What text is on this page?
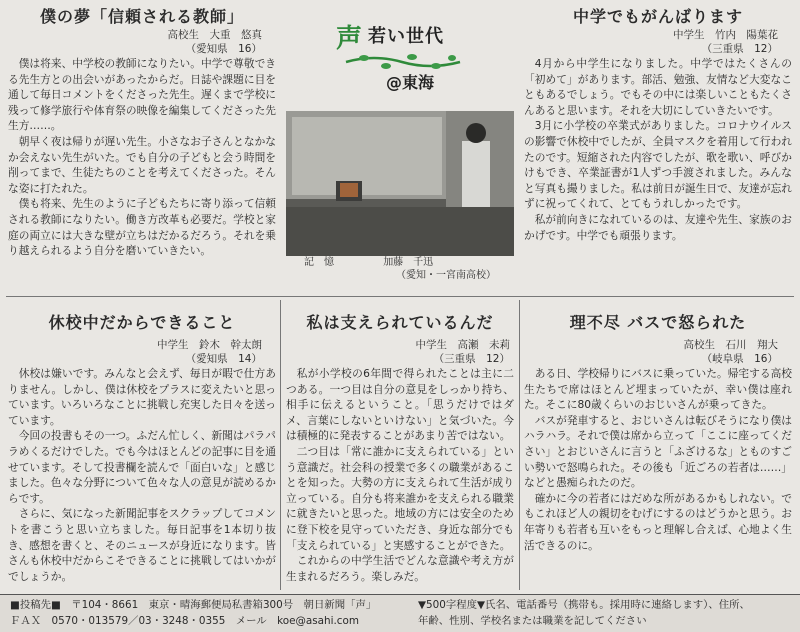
僕の夢「信頼される教師」
高校生　大重　悠真
（愛知県　16）

僕は将来、中学校の教師になりたい。中学で尊敬できる先生方との出会いがあったからだ。日誌や課題に目を通して毎日コメントをくださった先生。遅くまで学校に残って修学旅行や体育祭の映像を編集してくださった先生方……。

朝早く夜は帰りが遅い先生。小さなお子さんとなかなか会えない先生がいた。でも自分の子どもと会う時間を削ってまで、生徒たちのことを考えてくださった。そんな姿に打たれた。

僕も将来、先生のように子どもたちに寄り添って信頼される教師になりたい。働き方改革も必要だ。学校と家庭の両立には大きな壁が立ちはだかるだろう。それを乗り越えられるよう自分を磨いていきたい。

声 若い世代
@東海
記　憶	加藤　千迅
（愛知・一宮南高校）
中学でもがんばります
中学生　竹内　陽葉花
（三重県　12）

4月から中学生になりました。中学ではたくさんの「初めて」があります。部活、勉強、友情など大変なこともあるでしょう。でもその中には楽しいこともたくさんあると思います。それを大切にしていきたいです。

3月に小学校の卒業式がありました。コロナウイルスの影響で休校中でしたが、全員マスクを着用して行われたのです。短縮された内容でしたが、歌を歌い、呼びかけもでき、卒業証書が1人ずつ手渡されました。みんなと写真も撮りました。私は前日が誕生日で、友達が忘れずに祝ってくれて、とてもうれしかったです。

私が前向きになれているのは、友達や先生、家族のおかげです。中学でも頑張ります。

休校中だからできること
中学生　鈴木　幹太朗
（愛知県　14）

休校は嫌いです。みんなと会えず、毎日が暇で仕方ありません。しかし、僕は休校をプラスに変えたいと思っています。いろいろなことに挑戦し充実した日々を送っています。

今回の投書もその一つ。ふだん忙しく、新聞はパラパラめくるだけでした。でも今はほとんどの記事に目を通せています。そして投書欄を読んで「面白いな」と感じました。色々な分野について色々な人の意見が読めるからです。

さらに、気になった新聞記事をスクラップしてコメントを書こうと思い立ちました。毎日記事を1本切り抜き、感想を書くと、そのニュースが身近になります。皆さんも休校中だからこそできることに挑戦してはいかがでしょうか。

私は支えられているんだ
中学生　高瀬　未莉
（三重県　12）

私が小学校の6年間で得られたことは主に二つある。一つ目は自分の意見をしっかり持ち、相手に伝えるということ。「思うだけではダメ、言葉にしないといけない」と気づいた。今は積極的に発表することがあまり苦ではない。

二つ目は「常に誰かに支えられている」という意識だ。社会科の授業で多くの職業があることを知った。大勢の方に支えられて生活が成り立っている。自分も将来誰かを支えられる職業に就きたいと思った。地域の方には安全のために登下校を見守っていただき、身近な部分でも「支えられている」と実感することができた。

これからの中学生活でどんな意識や考え方が生まれるだろう。楽しみだ。

理不尽 バスで怒られた
高校生　石川　翔大
（岐阜県　16）

ある日、学校帰りにバスに乗っていた。帰宅する高校生たちで席はほとんど埋まっていたが、幸い僕は座れた。そこに80歳くらいのおじいさんが乗ってきた。

バスが発車すると、おじいさんは転びそうになり僕はハラハラ。それで僕は席から立って「ここに座ってください」とおじいさんに言うと「ふざけるな」とものすごい勢いで怒鳴られた。その後も「近ごろの若者は……」などと愚痴られたのだ。

確かに今の若者にはだめな所があるかもしれない。でもこれほど人の親切をむげにするのはどうかと思う。お年寄りも若者も互いをもっと理解し合えば、心地よく生活できるのに。

■投稿先■　〒104・8661　東京・晴海郵便局私書箱300号　朝日新聞「声」
ＦＡＸ　0570・013579／03・3248・0355　メール　koe@asahi.com
▼500字程度▼氏名、電話番号（携帯も。採用時に連絡します）、住所、
年齢、性別、学校名または職業を記してください
